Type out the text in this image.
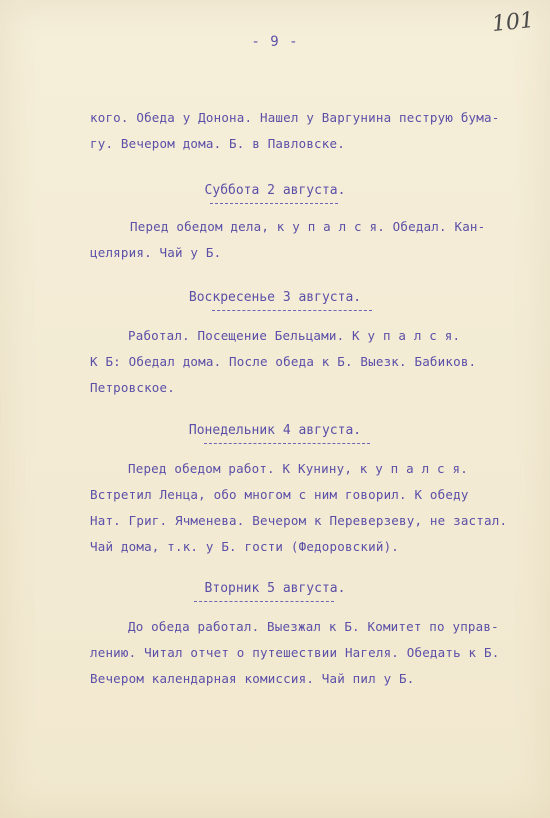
101
- 9 -
кого. Обеда у Донона. Нашел у Варгунина пеструю бума-
гу. Вечером дома. Б. в Павловске.
Суббота 2 августа.
Перед обедом дела, к у п а л с я. Обедал. Кан-
целярия. Чай у Б.
Воскресенье 3 августа.
Работал. Посещение Бельцами. К у п а л с я.
К Б: Обедал дома. После обеда к Б. Выезк. Бабиков.
Петровское.
Понедельник 4 августа.
Перед обедом работ. К Кунину, к у п а л с я.
Встретил Ленца, обо многом с ним говорил. К обеду
Нат. Григ. Ячменева. Вечером к Переверзеву, не застал.
Чай дома, т.к. у Б. гости (Федоровский).
Вторник 5 августа.
До обеда работал. Выезжал к Б. Комитет по управ-
лению. Читал отчет о путешествии Нагеля. Обедать к Б.
Вечером календарная комиссия. Чай пил у Б.
